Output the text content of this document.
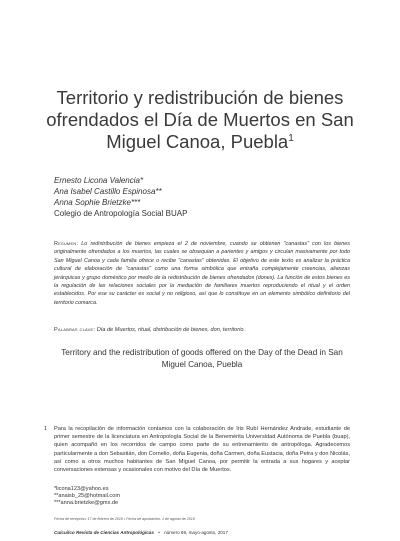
Territorio y redistribución de bienes ofrendados el Día de Muertos en San Miguel Canoa, Puebla$^1$
Ernesto Licona Valencia*
Ana Isabel Castillo Espinosa**
Anna Sophie Brietzke***
Colegio de Antropología Social BUAP
Resumen: Lo redistribución de bienes empieza el 2 de noviembre, cuando se obtienen "canastas" con los bienes originalmente ofrendados a los muertos, las cuales se obsequian a parientes y amigos y circulan masivamente por todo San Miguel Canoa y cada familia ofrece o recibe "canastas" obtenidas. El objetivo de este texto es analizar la práctica cultural de elaboración de "canastas" como una forma simbólica que entraña complejamente creencias, alianzas jerárquicas y grupo doméstico por medio de la redistribución de bienes ofrendados (dones). La función de estos bienes es la regulación de las relaciones sociales por la mediación de familiares muertos reproduciendo el ritual y el orden establecidos. Por ese su carácter es social y no religioso, así que lo constituye en un elemento simbólico definitorio del territorio comarca.
Palabras clave: Día de Muertos, ritual, distribución de bienes, don, territorio.
Territory and the redistribution of goods offered on the Day of the Dead in San Miguel Canoa, Puebla
1 Para la recopilación de información contamos con la colaboración de Iris Rubí Hernández Andrade, estudiante de primer semestre de la licenciatura en Antropología Social de la Benemérita Universidad Autónoma de Puebla (buap), quien acompañó en los recorridos de campo como parte de su entrenamiento de antropóloga. Agradecemos particularmente a don Sebastián, don Cornelio, doña Eugenia, doña Carmen, doña Eustacia, doña Petra y don Nicolás, así como a otros muchos habitantes de San Miguel Canoa, por permitir la entrada a sus hogares y aceptar conversaciones extensas y ocasionales con motivo del Día de Muertos.
*licona123@yahoo.es
**anaisb_25@hotmail.com
***anna.brietzke@gmx.de
Fecha de recepción: 17 de febrero de 2016 • Fecha de aprobación: 1 de agosto de 2016
Cuicuilco Revista de Ciencias Antropológicas • número 69, mayo-agosto, 2017
